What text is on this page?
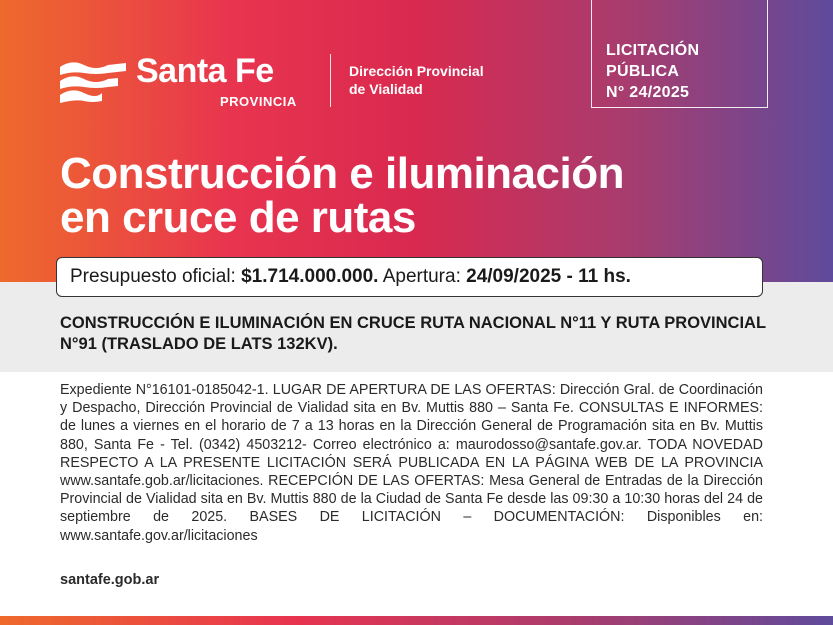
Santa Fe
PROVINCIA
Dirección Provincial
de Vialidad
LICITACIÓN
PÚBLICA
N° 24/2025
Construcción e iluminación
en cruce de rutas
Presupuesto oficial: $1.714.000.000. Apertura: 24/09/2025 - 11 hs.
CONSTRUCCIÓN E ILUMINACIÓN EN CRUCE RUTA NACIONAL N°11 Y RUTA PROVINCIAL N°91 (TRASLADO DE LATS 132KV).
Expediente N°16101-0185042-1. LUGAR DE APERTURA DE LAS OFERTAS: Dirección Gral. de Coordinación y Despacho, Dirección Provincial de Vialidad sita en Bv. Muttis 880 – Santa Fe. CONSULTAS E INFORMES: de lunes a viernes en el horario de 7 a 13 horas en la Dirección General de Programación sita en Bv. Muttis 880, Santa Fe - Tel. (0342) 4503212- Correo electrónico a: maurodosso@santafe.gov.ar. TODA NOVEDAD RESPECTO A LA PRESENTE LICITACIÓN SERÁ PUBLICADA EN LA PÁGINA WEB DE LA PROVINCIA www.santafe.gob.ar/licitaciones. RECEPCIÓN DE LAS OFERTAS: Mesa General de Entradas de la Dirección Provincial de Vialidad sita en Bv. Muttis 880 de la Ciudad de Santa Fe desde las 09:30 a 10:30 horas del 24 de septiembre de 2025. BASES DE LICITACIÓN – DOCUMENTACIÓN: Disponibles en: www.santafe.gov.ar/licitaciones
santafe.gob.ar
